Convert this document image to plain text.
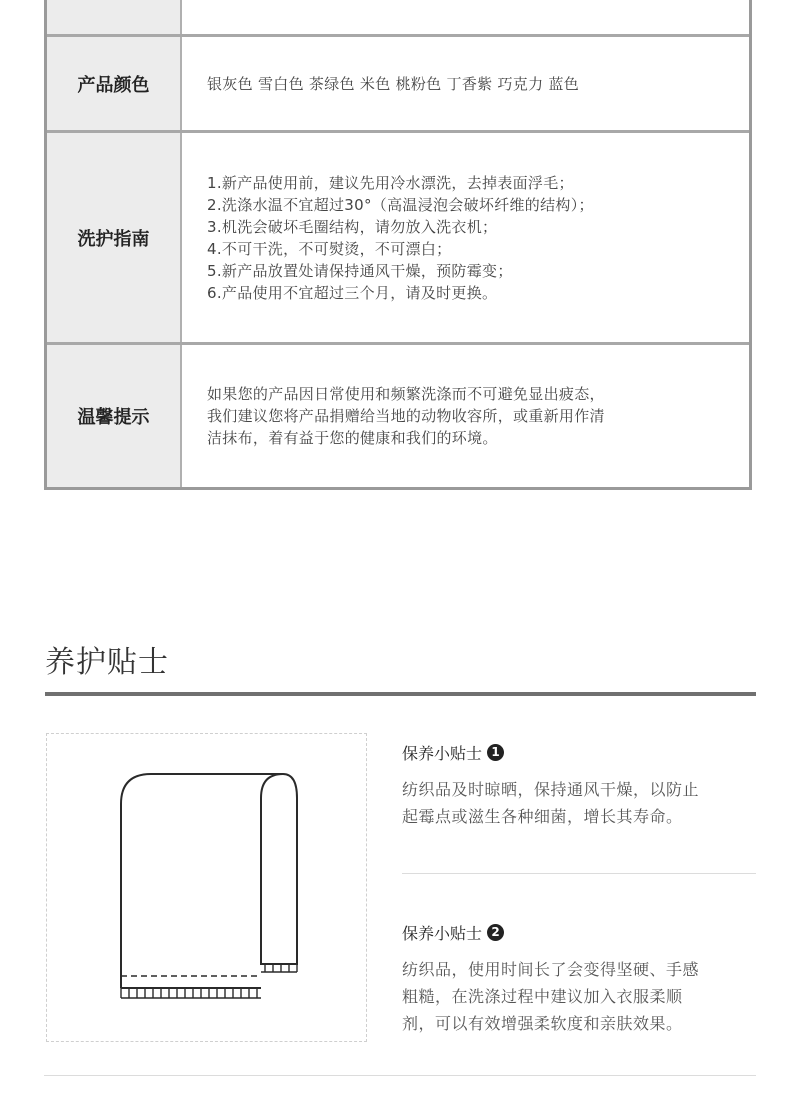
产品颜色	银灰色 雪白色 茶绿色 米色 桃粉色 丁香紫 巧克力 蓝色
洗护指南
1.新产品使用前，建议先用冷水漂洗，去掉表面浮毛；
2.洗涤水温不宜超过30°（高温浸泡会破坏纤维的结构）；
3.机洗会破坏毛圈结构，请勿放入洗衣机；
4.不可干洗，不可熨烫，不可漂白；
5.新产品放置处请保持通风干燥，预防霉变；
6.产品使用不宜超过三个月，请及时更换。
温馨提示
如果您的产品因日常使用和频繁洗涤而不可避免显出疲态，
我们建议您将产品捐赠给当地的动物收容所，或重新用作清
洁抹布，着有益于您的健康和我们的环境。
养护贴士
保养小贴士 1
纺织品及时晾晒，保持通风干燥，以防止
起霉点或滋生各种细菌，增长其寿命。
保养小贴士 2
纺织品，使用时间长了会变得坚硬、手感
粗糙，在洗涤过程中建议加入衣服柔顺
剂，可以有效增强柔软度和亲肤效果。
